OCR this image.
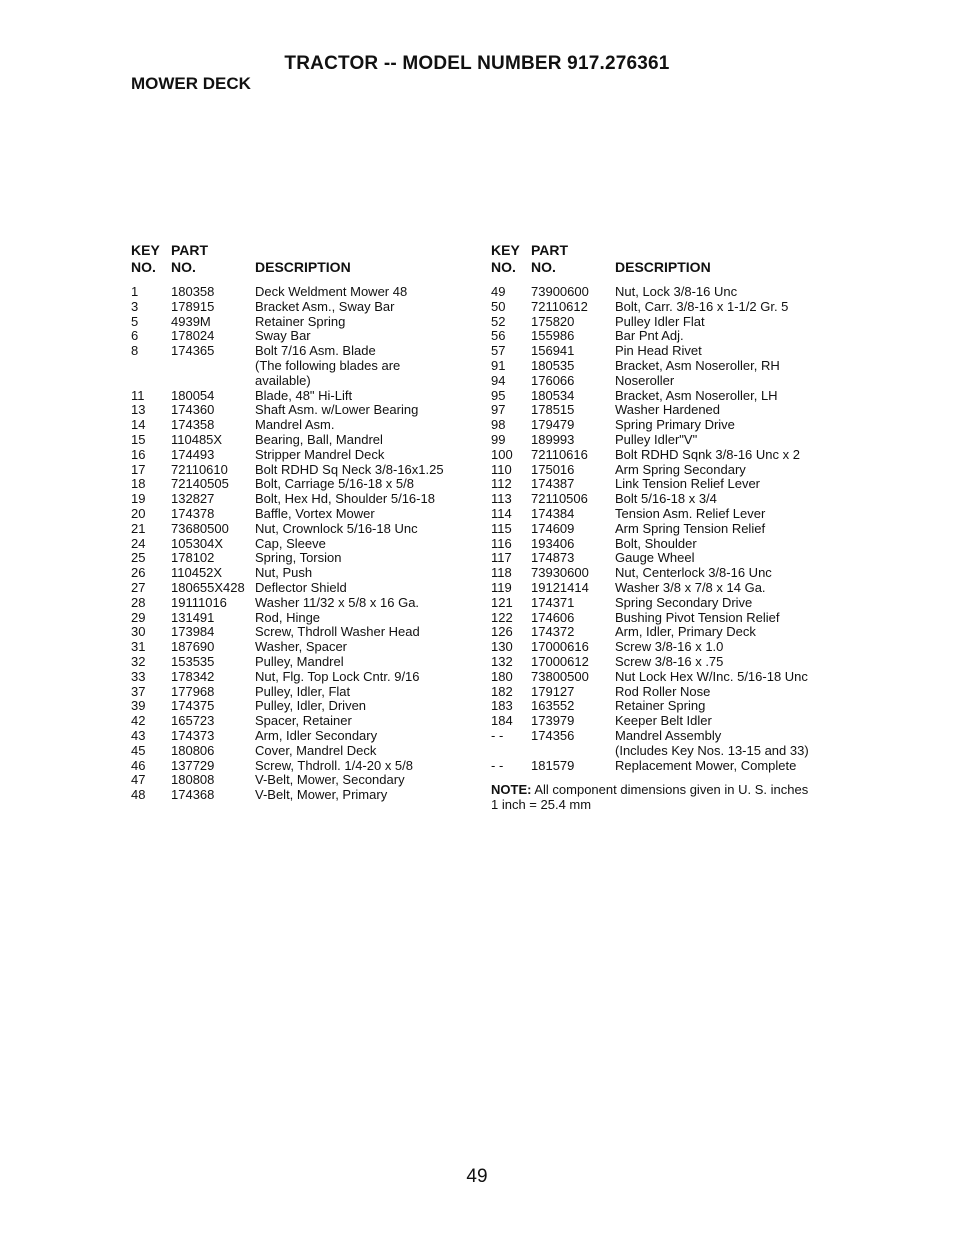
TRACTOR -- MODEL NUMBER 917.276361
MOWER DECK
KEY
NO.
PART
NO.	DESCRIPTION
1	180358	Deck Weldment Mower 48
3	178915	Bracket Asm., Sway Bar
5	4939M	Retainer Spring
6	178024	Sway Bar
8	174365	Bolt 7/16 Asm. Blade
(The following blades are
available)
11	180054	Blade, 48" Hi-Lift
13	174360	Shaft Asm. w/Lower Bearing
14	174358	Mandrel Asm.
15	110485X	Bearing, Ball, Mandrel
16	174493	Stripper Mandrel Deck
17	72110610	Bolt RDHD Sq Neck 3/8-16x1.25
18	72140505	Bolt, Carriage 5/16-18 x 5/8
19	132827	Bolt, Hex Hd, Shoulder 5/16-18
20	174378	Baffle, Vortex Mower
21	73680500	Nut, Crownlock 5/16-18 Unc
24	105304X	Cap, Sleeve
25	178102	Spring, Torsion
26	110452X	Nut, Push
27	180655X428 Deflector Shield
28	19111016	Washer 11/32 x 5/8 x 16 Ga.
29	131491	Rod, Hinge
30	173984	Screw, Thdroll Washer Head
31	187690	Washer, Spacer
32	153535	Pulley, Mandrel
33	178342	Nut, Flg. Top Lock Cntr. 9/16
37	177968	Pulley, Idler, Flat
39	174375	Pulley, Idler, Driven
42	165723	Spacer, Retainer
43	174373	Arm, Idler Secondary
45	180806	Cover, Mandrel Deck
46	137729	Screw, Thdroll. 1/4-20 x 5/8
47	180808	V-Belt, Mower, Secondary
48	174368	V-Belt, Mower, Primary
KEY
NO.
PART
NO.	DESCRIPTION
49	73900600	Nut, Lock 3/8-16 Unc
50	72110612	Bolt, Carr. 3/8-16 x 1-1/2 Gr. 5
52	175820	Pulley Idler Flat
56	155986	Bar Pnt Adj.
57	156941	Pin Head Rivet
91	180535	Bracket, Asm Noseroller, RH
94	176066	Noseroller
95	180534	Bracket, Asm Noseroller, LH
97	178515	Washer Hardened
98	179479	Spring Primary Drive
99	189993	Pulley Idler"V"
100	72110616	Bolt RDHD Sqnk 3/8-16 Unc x 2
110	175016	Arm Spring Secondary
112	174387	Link Tension Relief Lever
113	72110506	Bolt 5/16-18 x 3/4
114	174384	Tension Asm. Relief Lever
115	174609	Arm Spring Tension Relief
116	193406	Bolt, Shoulder
117	174873	Gauge Wheel
118	73930600	Nut, Centerlock 3/8-16 Unc
119	19121414	Washer 3/8 x 7/8 x 14 Ga.
121	174371	Spring Secondary Drive
122	174606	Bushing Pivot Tension Relief
126	174372	Arm, Idler, Primary Deck
130	17000616	Screw 3/8-16 x 1.0
132	17000612	Screw 3/8-16 x .75
180	73800500	Nut Lock Hex W/Inc. 5/16-18 Unc
182	179127	Rod Roller Nose
183	163552	Retainer Spring
184	173979	Keeper Belt Idler
- -	174356	Mandrel Assembly
(Includes Key Nos. 13-15 and 33)
- -	181579	Replacement Mower, Complete
NOTE: All component dimensions given in U. S. inches 1 inch = 25.4 mm
49
